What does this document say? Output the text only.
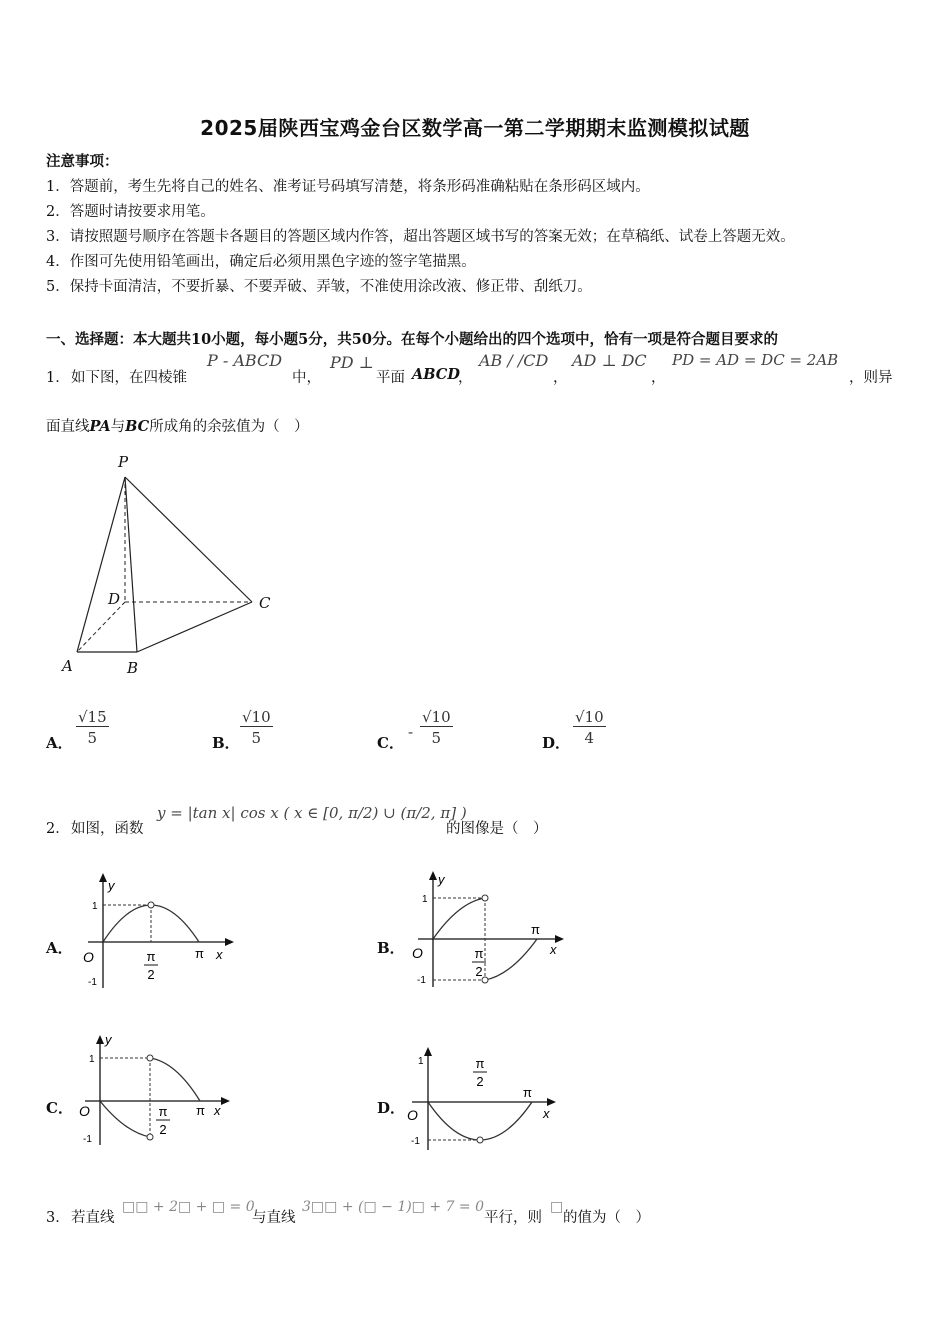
2025届陕西宝鸡金台区数学高一第二学期期末监测模拟试题
注意事项：
1．答题前，考生先将自己的姓名、准考证号码填写清楚，将条形码准确粘贴在条形码区域内。
2．答题时请按要求用笔。
3．请按照题号顺序在答题卡各题目的答题区域内作答，超出答题区域书写的答案无效；在草稿纸、试卷上答题无效。
4．作图可先使用铅笔画出，确定后必须用黑色字迹的签字笔描黑。
5．保持卡面清洁，不要折暴、不要弄破、弄皱，不准使用涂改液、修正带、刮纸刀。
一、选择题：本大题共10小题，每小题5分，共50分。在每个小题给出的四个选项中，恰有一项是符合题目要求的
1． 如下图，在四棱锥
P - ABCD
中，
PD ⊥
平面 ABCD
，
AB / /CD
，
AD ⊥ DC
，
PD = AD = DC = 2AB
，则异
面直线PA与BC所成角的余弦值为（　）
P
D	C
A	B
A． $\frac{√15}{5}$	B． $\frac{√10}{5}$	C．
- $\frac{√10}{5}$	D． $\frac{√10}{4}$
2． 如图，函数
y = |tan x| cos x ( x ∈ [0, π/2) ∪ (π/2, π] )
的图像是（　）
A．	B．
C．	D．
y
1
O
-1
π x
π
2
y
1
O
-1
π
x
π
2
y
1
O
-1
π x
π
2
1
O
-1
π
x
π
2
3． 若直线
□□ + 2□ + □ = 0
与直线
3□□ + (□ − 1)□ + 7 = 0
平行，则
□
的值为（　）
